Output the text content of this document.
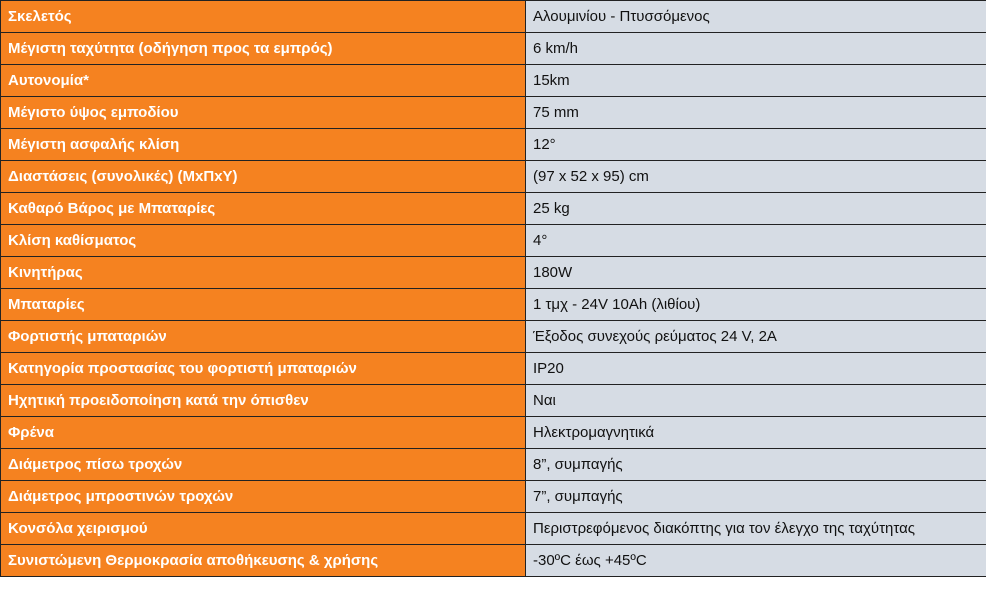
Σκελετός	Αλουμινίου - Πτυσσόμενος
Μέγιστη ταχύτητα (οδήγηση προς τα εμπρός)	6 km/h
Αυτονομία*	15km
Μέγιστο ύψος εμποδίου	75 mm
Μέγιστη ασφαλής κλίση	12°
Διαστάσεις (συνολικές) (ΜxΠxΥ)	(97 x 52 x 95) cm
Καθαρό Βάρος με Μπαταρίες	25 kg
Κλίση καθίσματος	4°
Κινητήρας	180W
Μπαταρίες	1 τμχ - 24V 10Ah (λιθίου)
Φορτιστής μπαταριών	Έξοδος συνεχούς ρεύματος 24 V, 2A
Κατηγορία προστασίας του φορτιστή μπαταριών	IP20
Ηχητική προειδοποίηση κατά την όπισθεν	Ναι
Φρένα	Ηλεκτρομαγνητικά
Διάμετρος πίσω τροχών	8”, συμπαγής
Διάμετρος μπροστινών τροχών	7”, συμπαγής
Κονσόλα χειρισμού	Περιστρεφόμενος διακόπτης για τον έλεγχο της ταχύτητας
Συνιστώμενη Θερμοκρασία αποθήκευσης & χρήσης	-30ºC έως +45ºC
